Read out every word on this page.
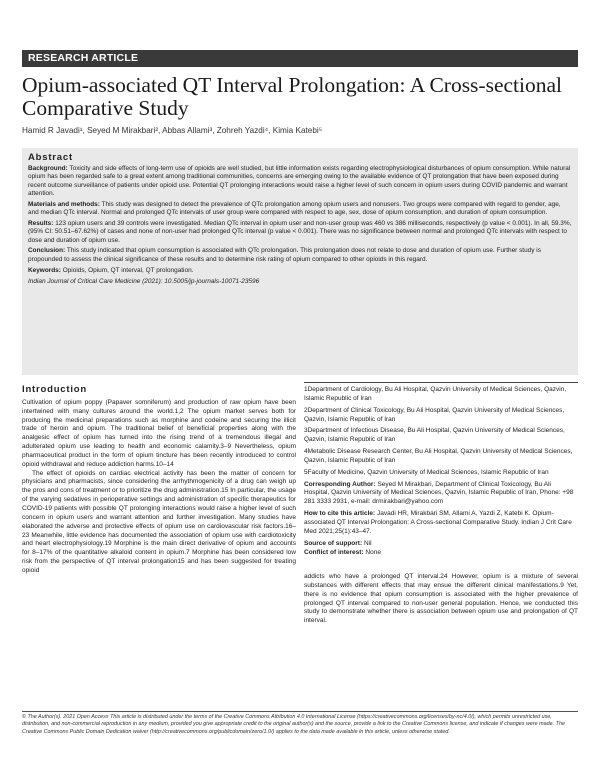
RESEARCH ARTICLE
Opium-associated QT Interval Prolongation: A Cross-sectional Comparative Study
Hamid R Javadi¹, Seyed M Mirakbari², Abbas Allami³, Zohreh Yazdi⁴, Kimia Katebi⁵
Abstract
Background: Toxicity and side effects of long-term use of opioids are well studied, but little information exists regarding electrophysiological disturbances of opium consumption. While natural opium has been regarded safe to a great extent among traditional communities, concerns are emerging owing to the available evidence of QT prolongation that have been exposed during recent outcome surveillance of patients under opioid use. Potential QT prolonging interactions would raise a higher level of such concern in opium users during COVID pandemic and warrant attention.
Materials and methods: This study was designed to detect the prevalence of QTc prolongation among opium users and nonusers. Two groups were compared with regard to gender, age, and median QTc interval. Normal and prolonged QTc intervals of user group were compared with respect to age, sex, dose of opium consumption, and duration of opium consumption.
Results: 123 opium users and 39 controls were investigated. Median QTc interval in opium user and non-user group was 460 vs 386 milliseconds, respectively (p value < 0.001). In all, 59.3%, (95% CI: 50.51–67.62%) of cases and none of non-user had prolonged QTc interval (p value < 0.001). There was no significance between normal and prolonged QTc intervals with respect to dose and duration of opium use.
Conclusion: This study indicated that opium consumption is associated with QTc prolongation. This prolongation does not relate to dose and duration of opium use. Further study is propounded to assess the clinical significance of these results and to determine risk rating of opium compared to other opioids in this regard.
Keywords: Opioids, Opium, QT interval, QT prolongation.
Indian Journal of Critical Care Medicine (2021): 10.5005/jp-journals-10071-23596
Introduction

Cultivation of opium poppy (Papaver somniferum) and production of raw opium have been intertwined with many cultures around the world.1,2 The opium market serves both for producing the medicinal preparations such as morphine and codeine and securing the illicit trade of heroin and opium. The traditional belief of beneficial properties along with the analgesic effect of opium has turned into the rising trend of a tremendous illegal and adulterated opium use leading to health and economic calamity.3–9 Nevertheless, opium pharmaceutical product in the form of opium tincture has been recently introduced to control opioid withdrawal and reduce addiction harms.10–14

The effect of opioids on cardiac electrical activity has been the matter of concern for physicians and pharmacists, since considering the arrhythmogenicity of a drug can weigh up the pros and cons of treatment or to prioritize the drug administration.15 In particular, the usage of the varying sedatives in perioperative settings and administration of specific therapeutics for COVID-19 patients with possible QT prolonging interactions would raise a higher level of such concern in opium users and warrant attention and further investigation. Many studies have elaborated the adverse and protective effects of opium use on cardiovascular risk factors.16–23 Meanwhile, little evidence has documented the association of opium use with cardiotoxicity and heart electrophysiology.19 Morphine is the main direct derivative of opium and accounts for 8–17% of the quantitative alkaloid content in opium.7 Morphine has been considered low risk from the perspective of QT interval prolongation15 and has been suggested for treating opioid

1Department of Cardiology, Bu Ali Hospital, Qazvin University of Medical Sciences, Qazvin, Islamic Republic of Iran
2Department of Clinical Toxicology, Bu Ali Hospital, Qazvin University of Medical Sciences, Qazvin, Islamic Republic of Iran
3Department of Infectious Disease, Bu Ali Hospital, Qazvin University of Medical Sciences, Qazvin, Islamic Republic of Iran
4Metabolic Disease Research Center, Bu Ali Hospital, Qazvin University of Medical Sciences, Qazvin, Islamic Republic of Iran
5Faculty of Medicine, Qazvin University of Medical Sciences, Islamic Republic of Iran
Corresponding Author: Seyed M Mirakbari, Department of Clinical Toxicology, Bu Ali Hospital, Qazvin University of Medical Sciences, Qazvin, Islamic Republic of Iran, Phone: +98 281 3333 2931, e-mail: drmirakbari@yahoo.com
How to cite this article: Javadi HR, Mirakbari SM, Allami A, Yazdi Z, Katebi K. Opium-associated QT Interval Prolongation: A Cross-sectional Comparative Study. Indian J Crit Care Med 2021;25(1):43–47.
Source of support: Nil
Conflict of interest: None
addicts who have a prolonged QT interval.24 However, opium is a mixture of several substances with different effects that may ensue the different clinical manifestations.9 Yet, there is no evidence that opium consumption is associated with the higher prevalence of prolonged QT interval compared to non-user general population. Hence, we conducted this study to demonstrate whether there is association between opium use and prolongation of QT interval.
© The Author(s). 2021 Open Access This article is distributed under the terms of the Creative Commons Attribution 4.0 International License (https://creativecommons.org/licenses/by-nc/4.0/), which permits unrestricted use, distribution, and non-commercial reproduction in any medium, provided you give appropriate credit to the original author(s) and the source, provide a link to the Creative Commons license, and indicate if changes were made. The Creative Commons Public Domain Dedication waiver (http://creativecommons.org/publicdomain/zero/1.0/) applies to the data made available in this article, unless otherwise stated.
